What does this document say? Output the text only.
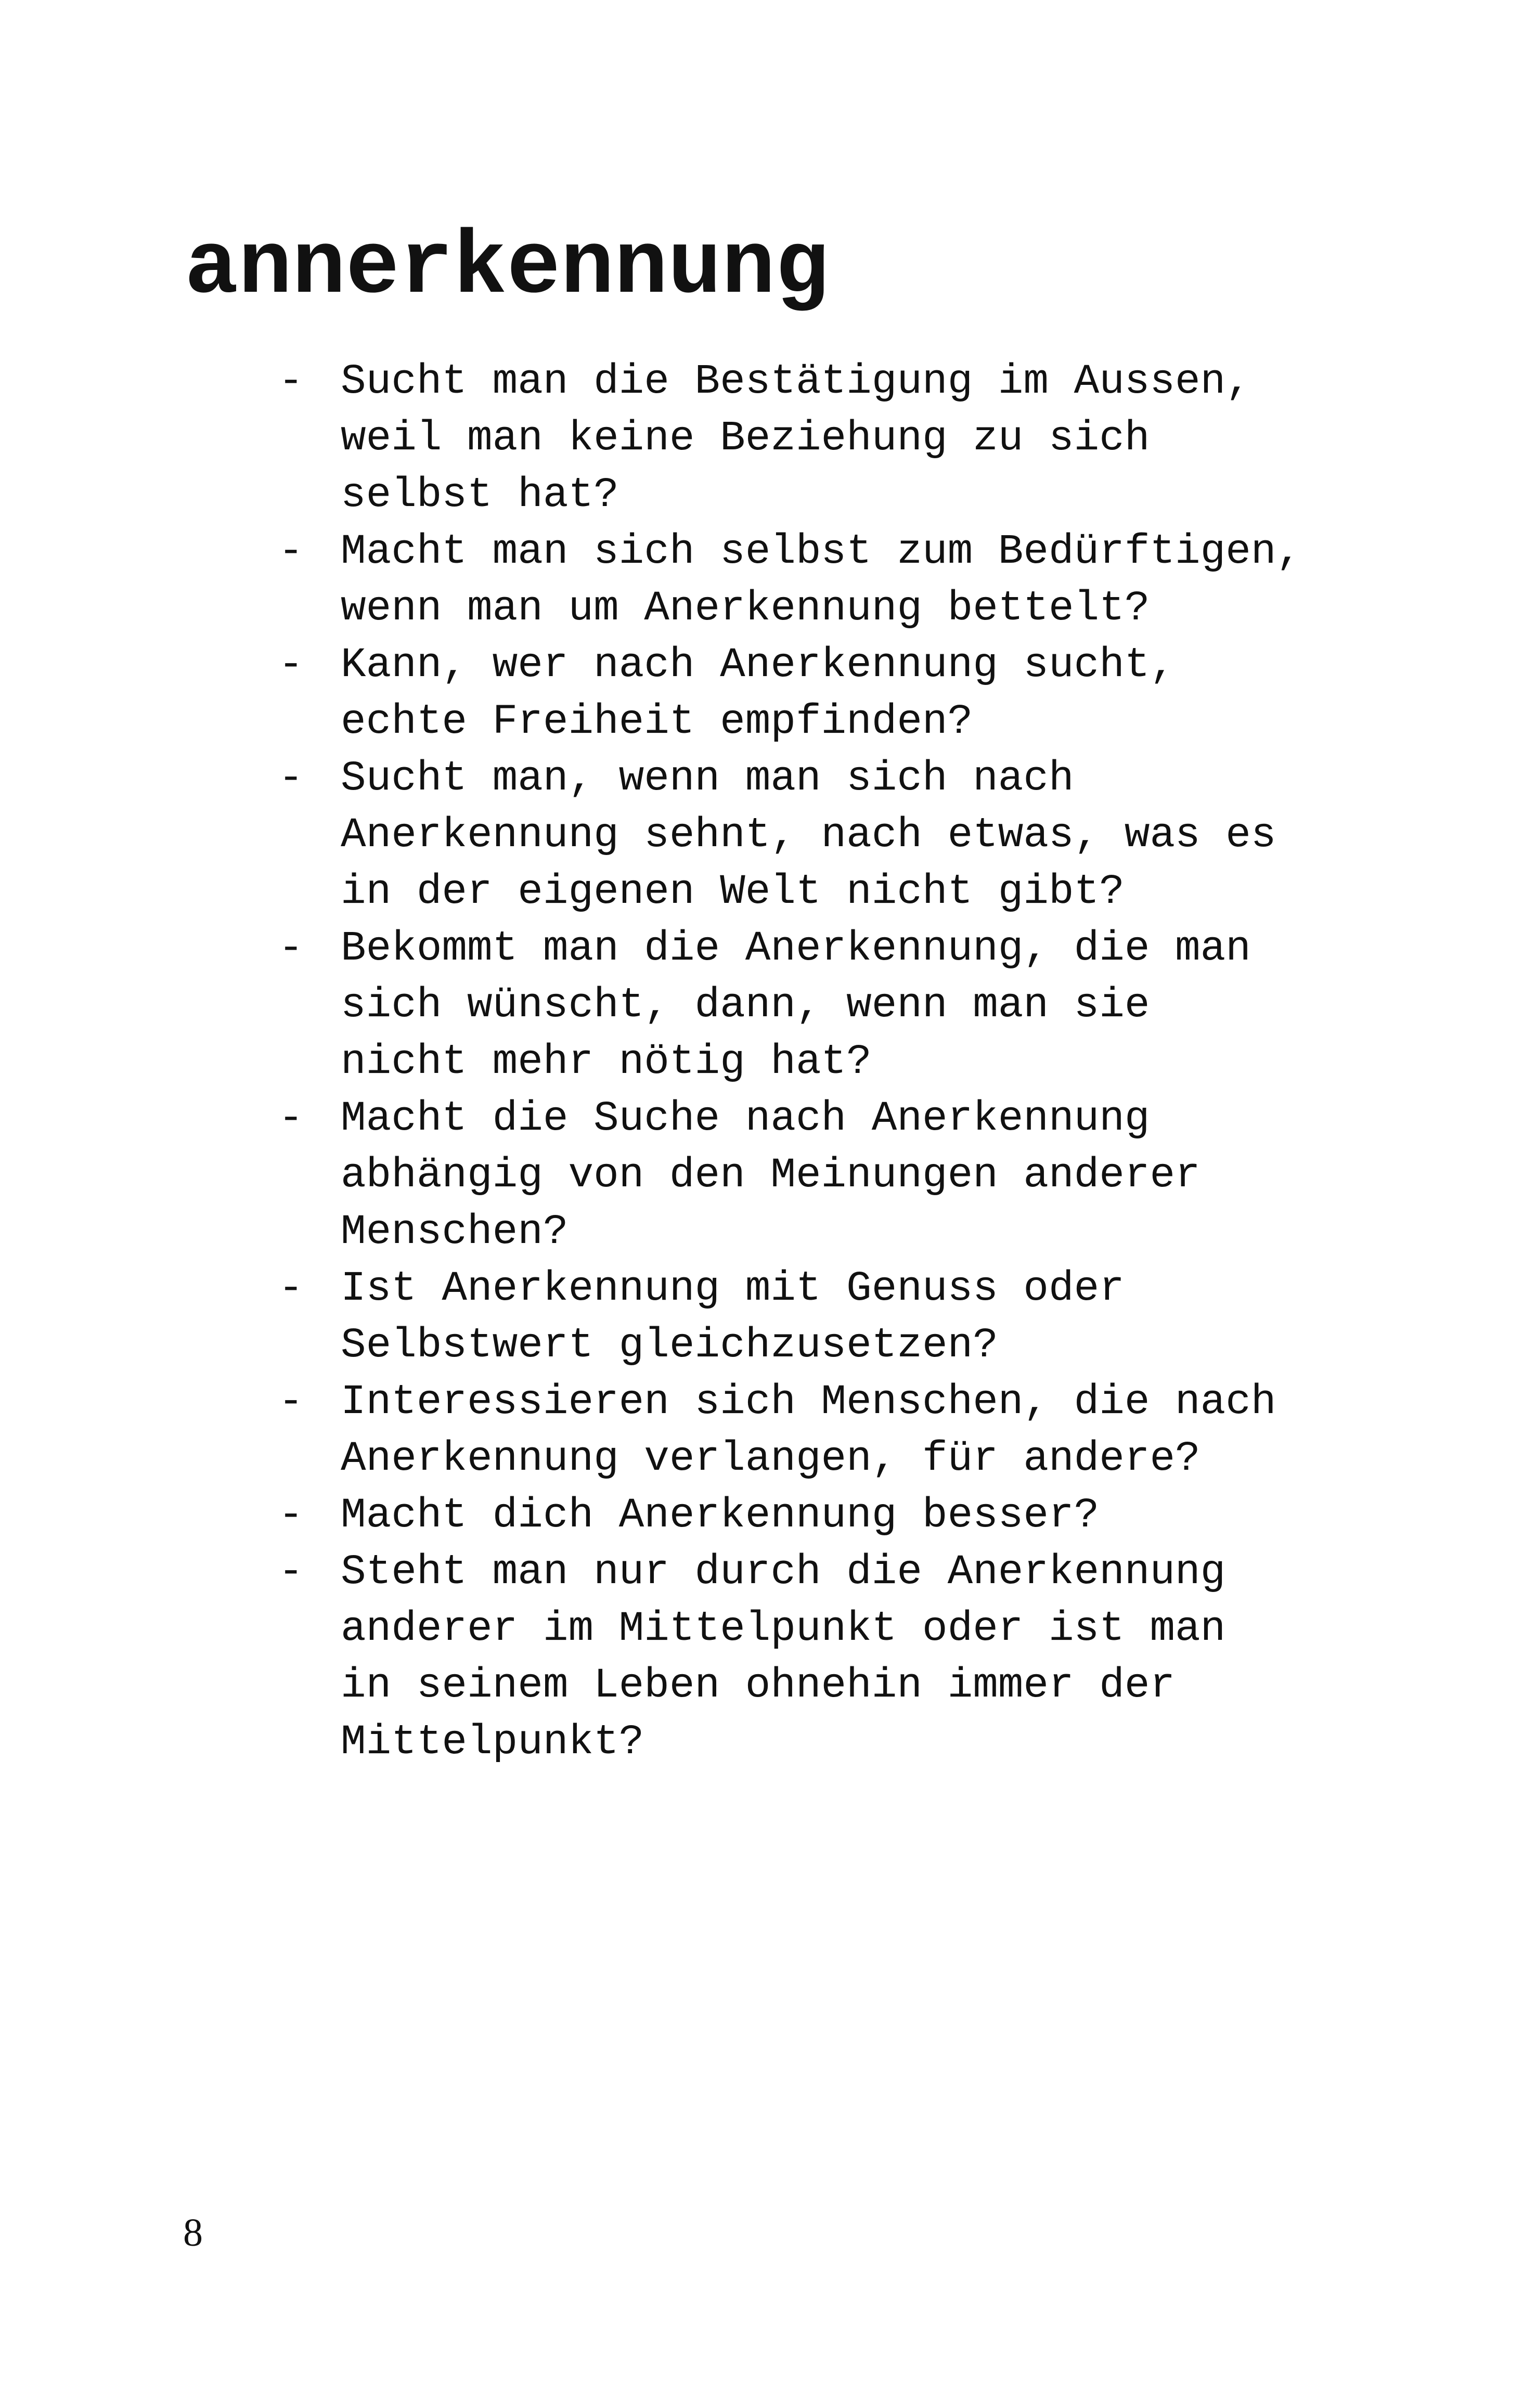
annerkennung
- Sucht man die Bestätigung im Aussen,
weil man keine Beziehung zu sich
selbst hat?
- Macht man sich selbst zum Bedürftigen,
wenn man um Anerkennung bettelt?
- Kann, wer nach Anerkennung sucht,
echte Freiheit empfinden?
- Sucht man, wenn man sich nach
Anerkennung sehnt, nach etwas, was es
in der eigenen Welt nicht gibt?
- Bekommt man die Anerkennung, die man
sich wünscht, dann, wenn man sie
nicht mehr nötig hat?
- Macht die Suche nach Anerkennung
abhängig von den Meinungen anderer
Menschen?
- Ist Anerkennung mit Genuss oder
Selbstwert gleichzusetzen?
- Interessieren sich Menschen, die nach
Anerkennung verlangen, für andere?
- Macht dich Anerkennung besser?
- Steht man nur durch die Anerkennung
anderer im Mittelpunkt oder ist man
in seinem Leben ohnehin immer der
Mittelpunkt?
8
